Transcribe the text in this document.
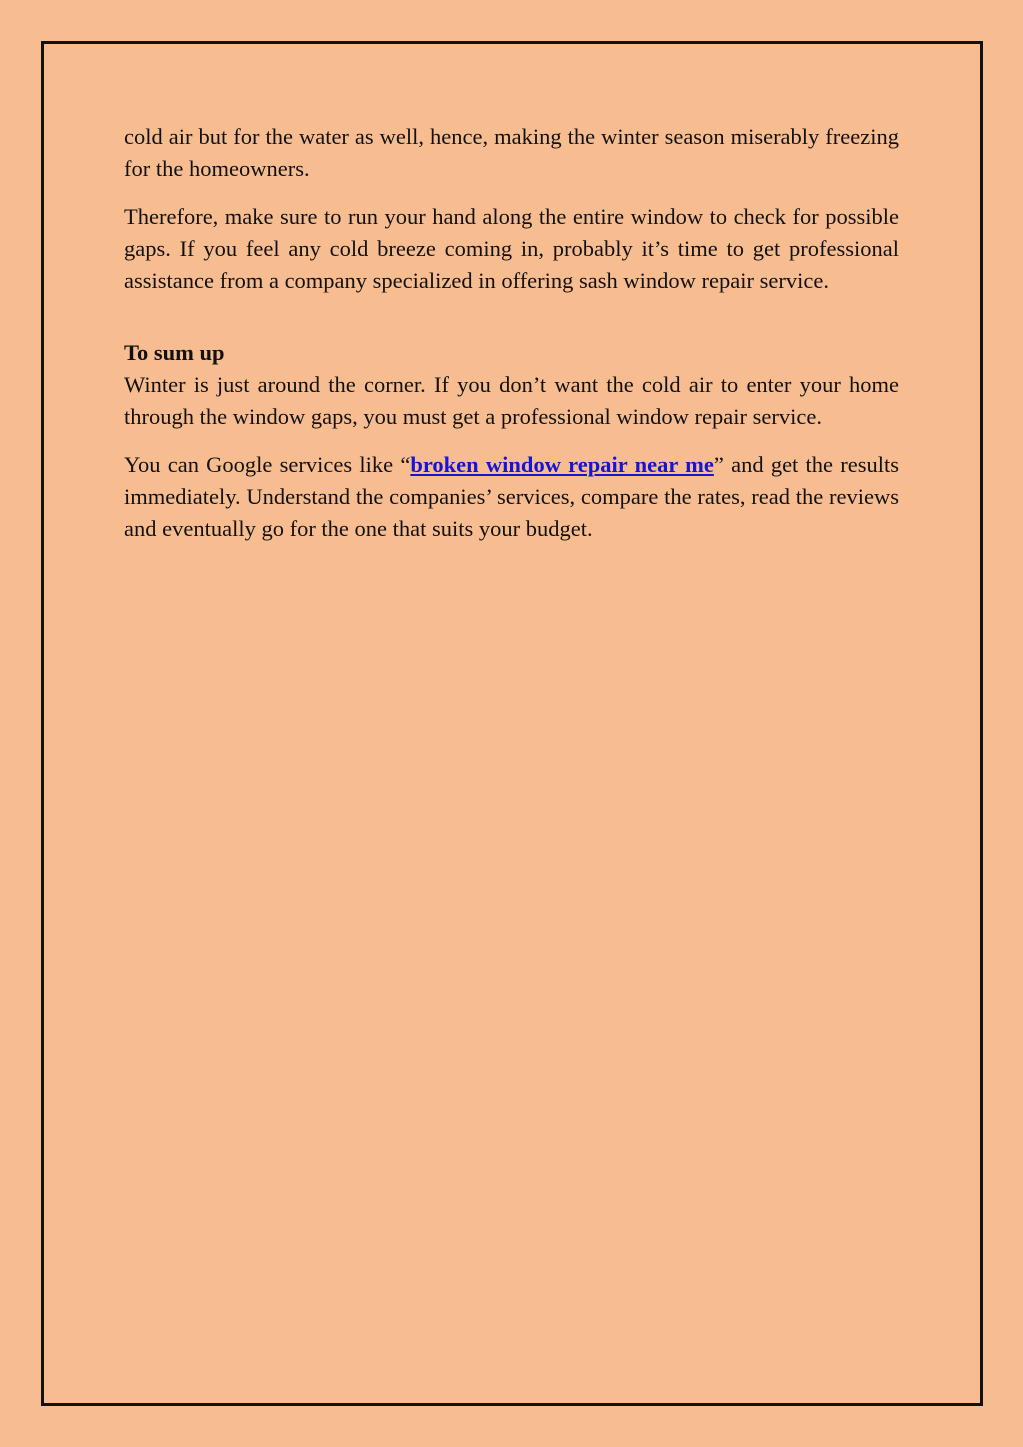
cold air but for the water as well, hence, making the winter season miserably freezing for the homeowners.

Therefore, make sure to run your hand along the entire window to check for possible gaps. If you feel any cold breeze coming in, probably it’s time to get professional assistance from a company specialized in offering sash window repair service.

To sum up

Winter is just around the corner. If you don’t want the cold air to enter your home through the window gaps, you must get a professional window repair service.

You can Google services like “broken window repair near me” and get the results immediately. Understand the companies’ services, compare the rates, read the reviews and eventually go for the one that suits your budget.
